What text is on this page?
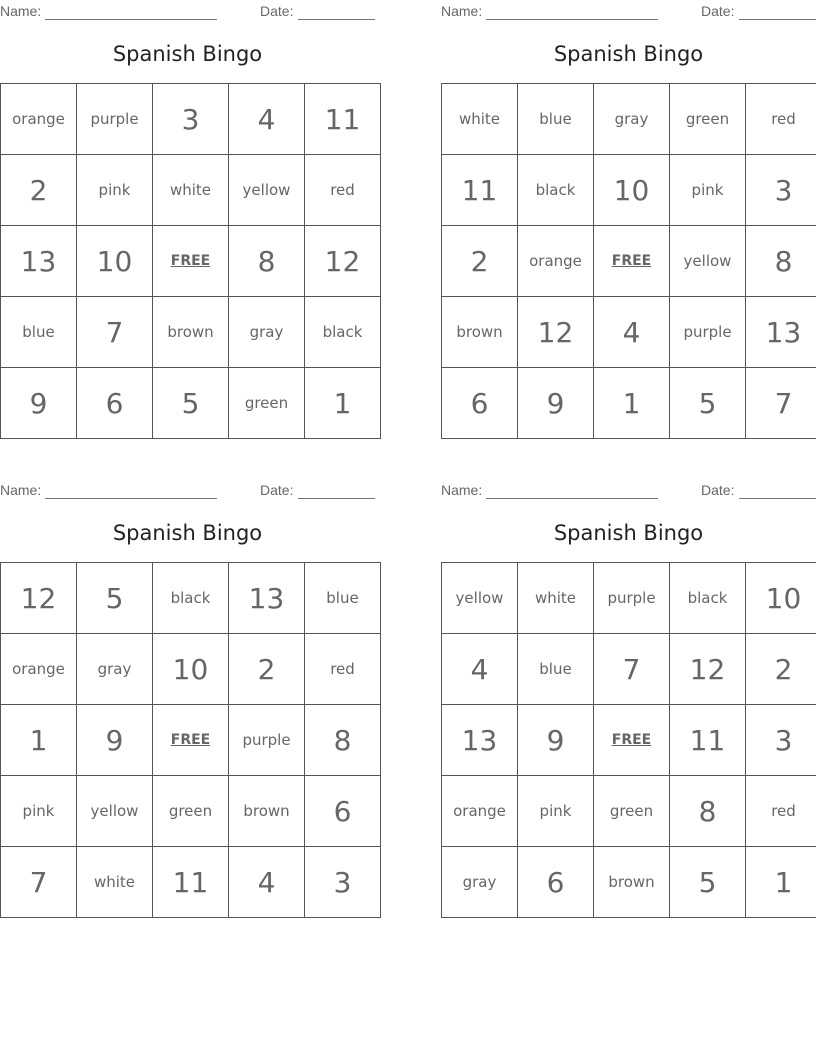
Name:	Date:
Spanish Bingo
orange	purple	3	4	11
2	pink	white	yellow	red
13	10	FREE	8	12
blue	7	brown	gray	black
9	6	5	green	1
Name:	Date:
Spanish Bingo
white	blue	gray	green	red
11	black	10	pink	3
2	orange	FREE	yellow	8
brown	12	4	purple	13
6	9	1	5	7
Name:	Date:
Spanish Bingo
12	5	black	13	blue
orange	gray	10	2	red
1	9	FREE	purple	8
pink	yellow	green	brown	6
7	white	11	4	3
Name:	Date:
Spanish Bingo
yellow	white	purple	black	10
4	blue	7	12	2
13	9	FREE	11	3
orange	pink	green	8	red
gray	6	brown	5	1
